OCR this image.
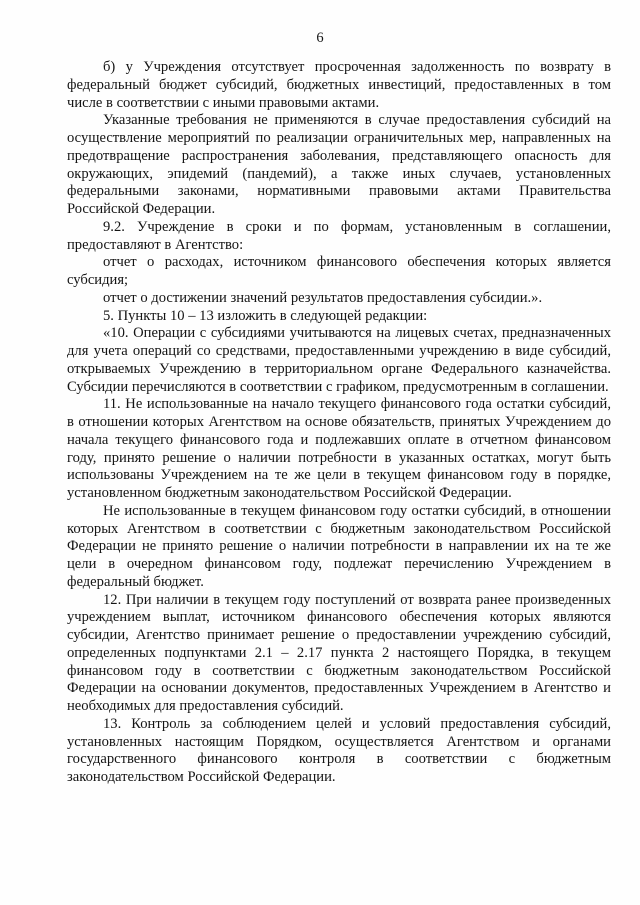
6

б) у Учреждения отсутствует просроченная задолженность по возврату в федеральный бюджет субсидий, бюджетных инвестиций, предоставленных в том числе в соответствии с иными правовыми актами.

Указанные требования не применяются в случае предоставления субсидий на осуществление мероприятий по реализации ограничительных мер, направленных на предотвращение распространения заболевания, представляющего опасность для окружающих, эпидемий (пандемий), а также иных случаев, установленных федеральными законами, нормативными правовыми актами Правительства Российской Федерации.

9.2. Учреждение в сроки и по формам, установленным в соглашении, предоставляют в Агентство:

отчет о расходах, источником финансового обеспечения которых является субсидия;

отчет о достижении значений результатов предоставления субсидии.».

5. Пункты 10 – 13 изложить в следующей редакции:

«10. Операции с субсидиями учитываются на лицевых счетах, предназначенных для учета операций со средствами, предоставленными учреждению в виде субсидий, открываемых Учреждению в территориальном органе Федерального казначейства. Субсидии перечисляются в соответствии с графиком, предусмотренным в соглашении.

11. Не использованные на начало текущего финансового года остатки субсидий, в отношении которых Агентством на основе обязательств, принятых Учреждением до начала текущего финансового года и подлежавших оплате в отчетном финансовом году, принято решение о наличии потребности в указанных остатках, могут быть использованы Учреждением на те же цели в текущем финансовом году в порядке, установленном бюджетным законодательством Российской Федерации.

Не использованные в текущем финансовом году остатки субсидий, в отношении которых Агентством в соответствии с бюджетным законодательством Российской Федерации не принято решение о наличии потребности в направлении их на те же цели в очередном финансовом году, подлежат перечислению Учреждением в федеральный бюджет.

12. При наличии в текущем году поступлений от возврата ранее произведенных учреждением выплат, источником финансового обеспечения которых являются субсидии, Агентство принимает решение о предоставлении учреждению субсидий, определенных подпунктами 2.1 – 2.17 пункта 2 настоящего Порядка, в текущем финансовом году в соответствии с бюджетным законодательством Российской Федерации на основании документов, предоставленных Учреждением в Агентство и необходимых для предоставления субсидий.

13. Контроль за соблюдением целей и условий предоставления субсидий, установленных настоящим Порядком, осуществляется Агентством и органами государственного финансового контроля в соответствии с бюджетным законодательством Российской Федерации.
